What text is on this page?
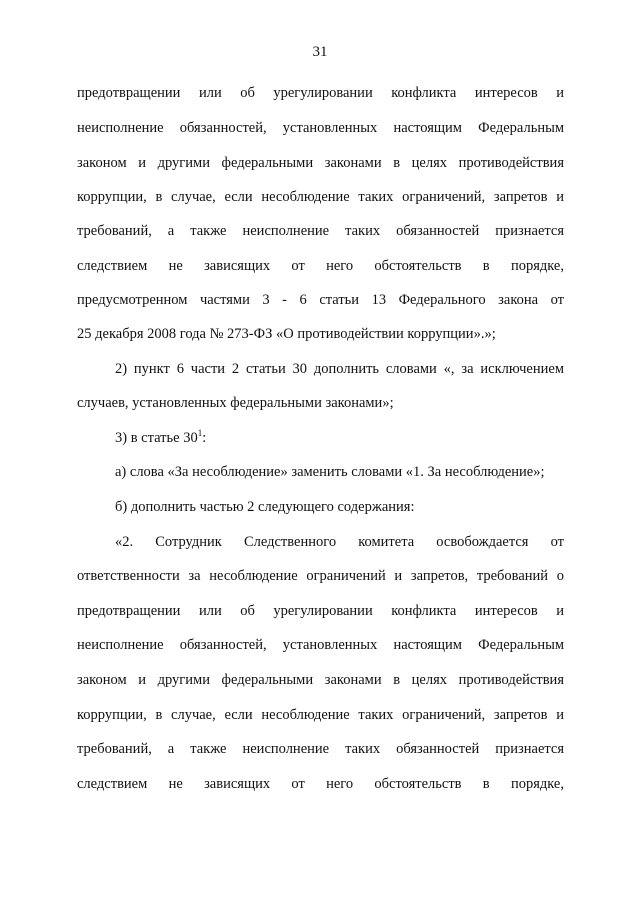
31
предотвращении или об урегулировании конфликта интересов и
неисполнение обязанностей, установленных настоящим Федеральным
законом и другими федеральными законами в целях противодействия
коррупции, в случае, если несоблюдение таких ограничений, запретов и
требований, а также неисполнение таких обязанностей признается
следствием не зависящих от него обстоятельств в порядке,
предусмотренном частями 3 - 6 статьи 13 Федерального закона от
25 декабря 2008 года № 273-ФЗ «О противодействии коррупции».»;
2) пункт 6 части 2 статьи 30 дополнить словами «, за исключением
случаев, установленных федеральными законами»;
3) в статье $30^1$:
а) слова «За несоблюдение» заменить словами «1. За несоблюдение»;
б) дополнить частью 2 следующего содержания:
«2. Сотрудник Следственного комитета освобождается от
ответственности за несоблюдение ограничений и запретов, требований о
предотвращении или об урегулировании конфликта интересов и
неисполнение обязанностей, установленных настоящим Федеральным
законом и другими федеральными законами в целях противодействия
коррупции, в случае, если несоблюдение таких ограничений, запретов и
требований, а также неисполнение таких обязанностей признается
следствием не зависящих от него обстоятельств в порядке,
